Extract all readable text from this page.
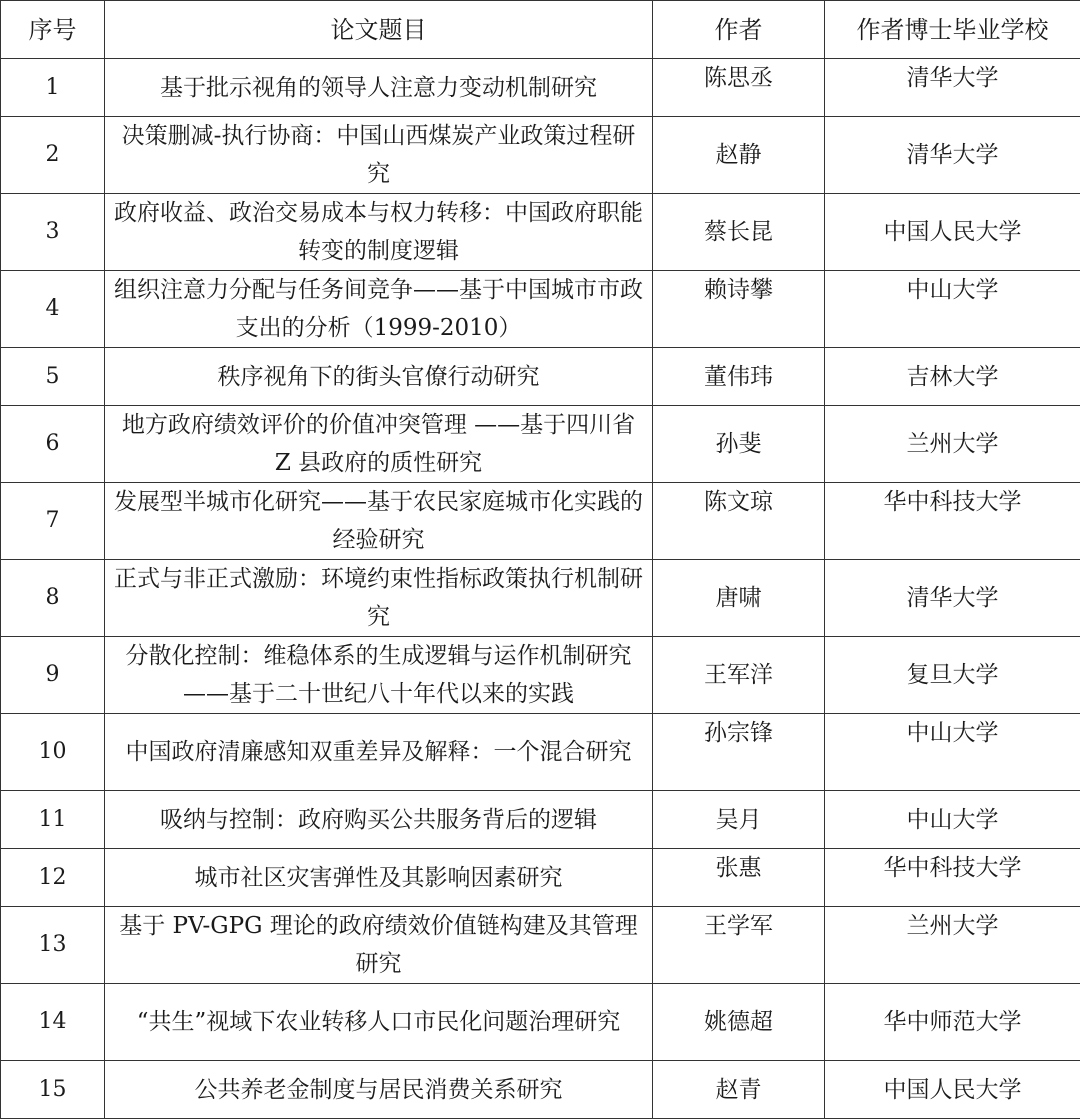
序号	论文题目	作者	作者博士毕业学校
1	基于批示视角的领导人注意力变动机制研究	陈思丞	清华大学
2	决策删减-执行协商：中国山西煤炭产业政策过程研究	赵静	清华大学
3	政府收益、政治交易成本与权力转移：中国政府职能转变的制度逻辑	蔡长昆	中国人民大学
4	组织注意力分配与任务间竞争——基于中国城市市政支出的分析（1999-2010）	赖诗攀	中山大学
5	秩序视角下的街头官僚行动研究	董伟玮	吉林大学
6	地方政府绩效评价的价值冲突管理 ——基于四川省 Z 县政府的质性研究	孙斐	兰州大学
7	发展型半城市化研究——基于农民家庭城市化实践的经验研究	陈文琼	华中科技大学
8	正式与非正式激励：环境约束性指标政策执行机制研究	唐啸	清华大学
9	分散化控制：维稳体系的生成逻辑与运作机制研究——基于二十世纪八十年代以来的实践	王军洋	复旦大学
10	中国政府清廉感知双重差异及解释：一个混合研究	孙宗锋	中山大学
11	吸纳与控制：政府购买公共服务背后的逻辑	吴月	中山大学
12	城市社区灾害弹性及其影响因素研究	张惠	华中科技大学
13	基于 PV-GPG 理论的政府绩效价值链构建及其管理研究	王学军	兰州大学
14	“共生”视域下农业转移人口市民化问题治理研究	姚德超	华中师范大学
15	公共养老金制度与居民消费关系研究	赵青	中国人民大学
